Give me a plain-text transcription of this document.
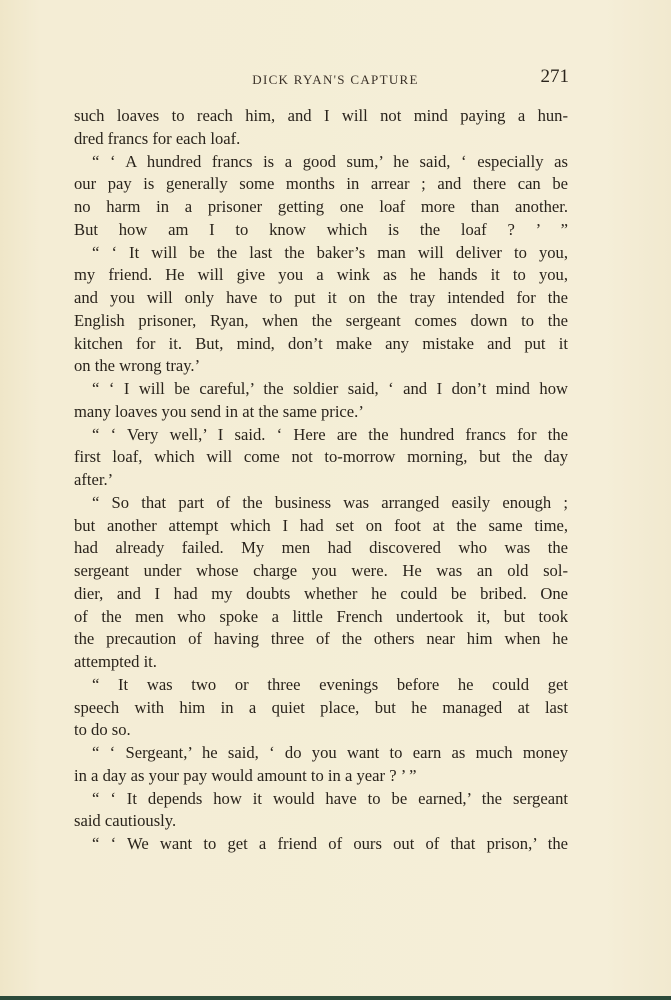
DICK RYAN'S CAPTURE	271
such loaves to reach him, and I will not mind paying a hun-
dred francs for each loaf.
“ ‘ A hundred francs is a good sum,’ he said, ‘ especially as
our pay is generally some months in arrear ; and there can be
no harm in a prisoner getting one loaf more than another.
But how am I to know which is the loaf ? ’ ”
“ ‘ It will be the last the baker’s man will deliver to you,
my friend. He will give you a wink as he hands it to you,
and you will only have to put it on the tray intended for the
English prisoner, Ryan, when the sergeant comes down to the
kitchen for it. But, mind, don’t make any mistake and put it
on the wrong tray.’
“ ‘ I will be careful,’ the soldier said, ‘ and I don’t mind how
many loaves you send in at the same price.’
“ ‘ Very well,’ I said. ‘ Here are the hundred francs for the
first loaf, which will come not to-morrow morning, but the day
after.’
“ So that part of the business was arranged easily enough ;
but another attempt which I had set on foot at the same time,
had already failed. My men had discovered who was the
sergeant under whose charge you were. He was an old sol-
dier, and I had my doubts whether he could be bribed. One
of the men who spoke a little French undertook it, but took
the precaution of having three of the others near him when he
attempted it.
“ It was two or three evenings before he could get
speech with him in a quiet place, but he managed at last
to do so.
“ ‘ Sergeant,’ he said, ‘ do you want to earn as much money
in a day as your pay would amount to in a year ? ’ ”
“ ‘ It depends how it would have to be earned,’ the sergeant
said cautiously.
“ ‘ We want to get a friend of ours out of that prison,’ the
